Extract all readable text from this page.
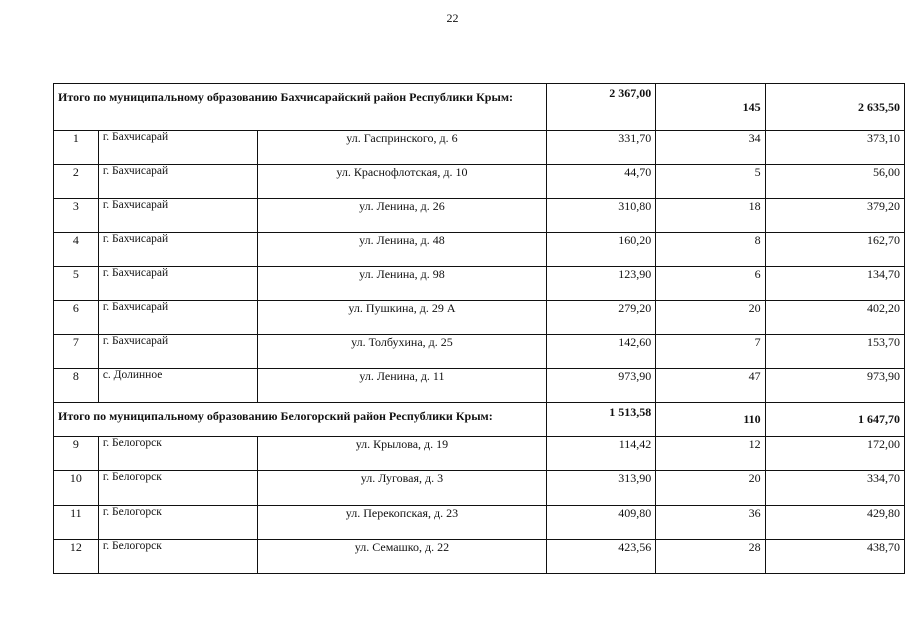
22
Итого по муниципальному образованию Бахчисарайский район Республики Крым:			2 367,00	145	2 635,50
1	г. Бахчисарай	ул. Гаспринского, д. 6	331,70	34	373,10
2	г. Бахчисарай	ул. Краснофлотская, д. 10	44,70	5	56,00
3	г. Бахчисарай	ул. Ленина, д. 26	310,80	18	379,20
4	г. Бахчисарай	ул. Ленина, д. 48	160,20	8	162,70
5	г. Бахчисарай	ул. Ленина, д. 98	123,90	6	134,70
6	г. Бахчисарай	ул. Пушкина, д. 29 А	279,20	20	402,20
7	г. Бахчисарай	ул. Толбухина, д. 25	142,60	7	153,70
8	с. Долинное	ул. Ленина, д. 11	973,90	47	973,90
Итого по муниципальному образованию Белогорский район Республики Крым:			1 513,58	110	1 647,70
9	г. Белогорск	ул. Крылова, д. 19	114,42	12	172,00
10	г. Белогорск	ул. Луговая, д. 3	313,90	20	334,70
11	г. Белогорск	ул. Перекопская, д. 23	409,80	36	429,80
12	г. Белогорск	ул. Семашко, д. 22	423,56	28	438,70
